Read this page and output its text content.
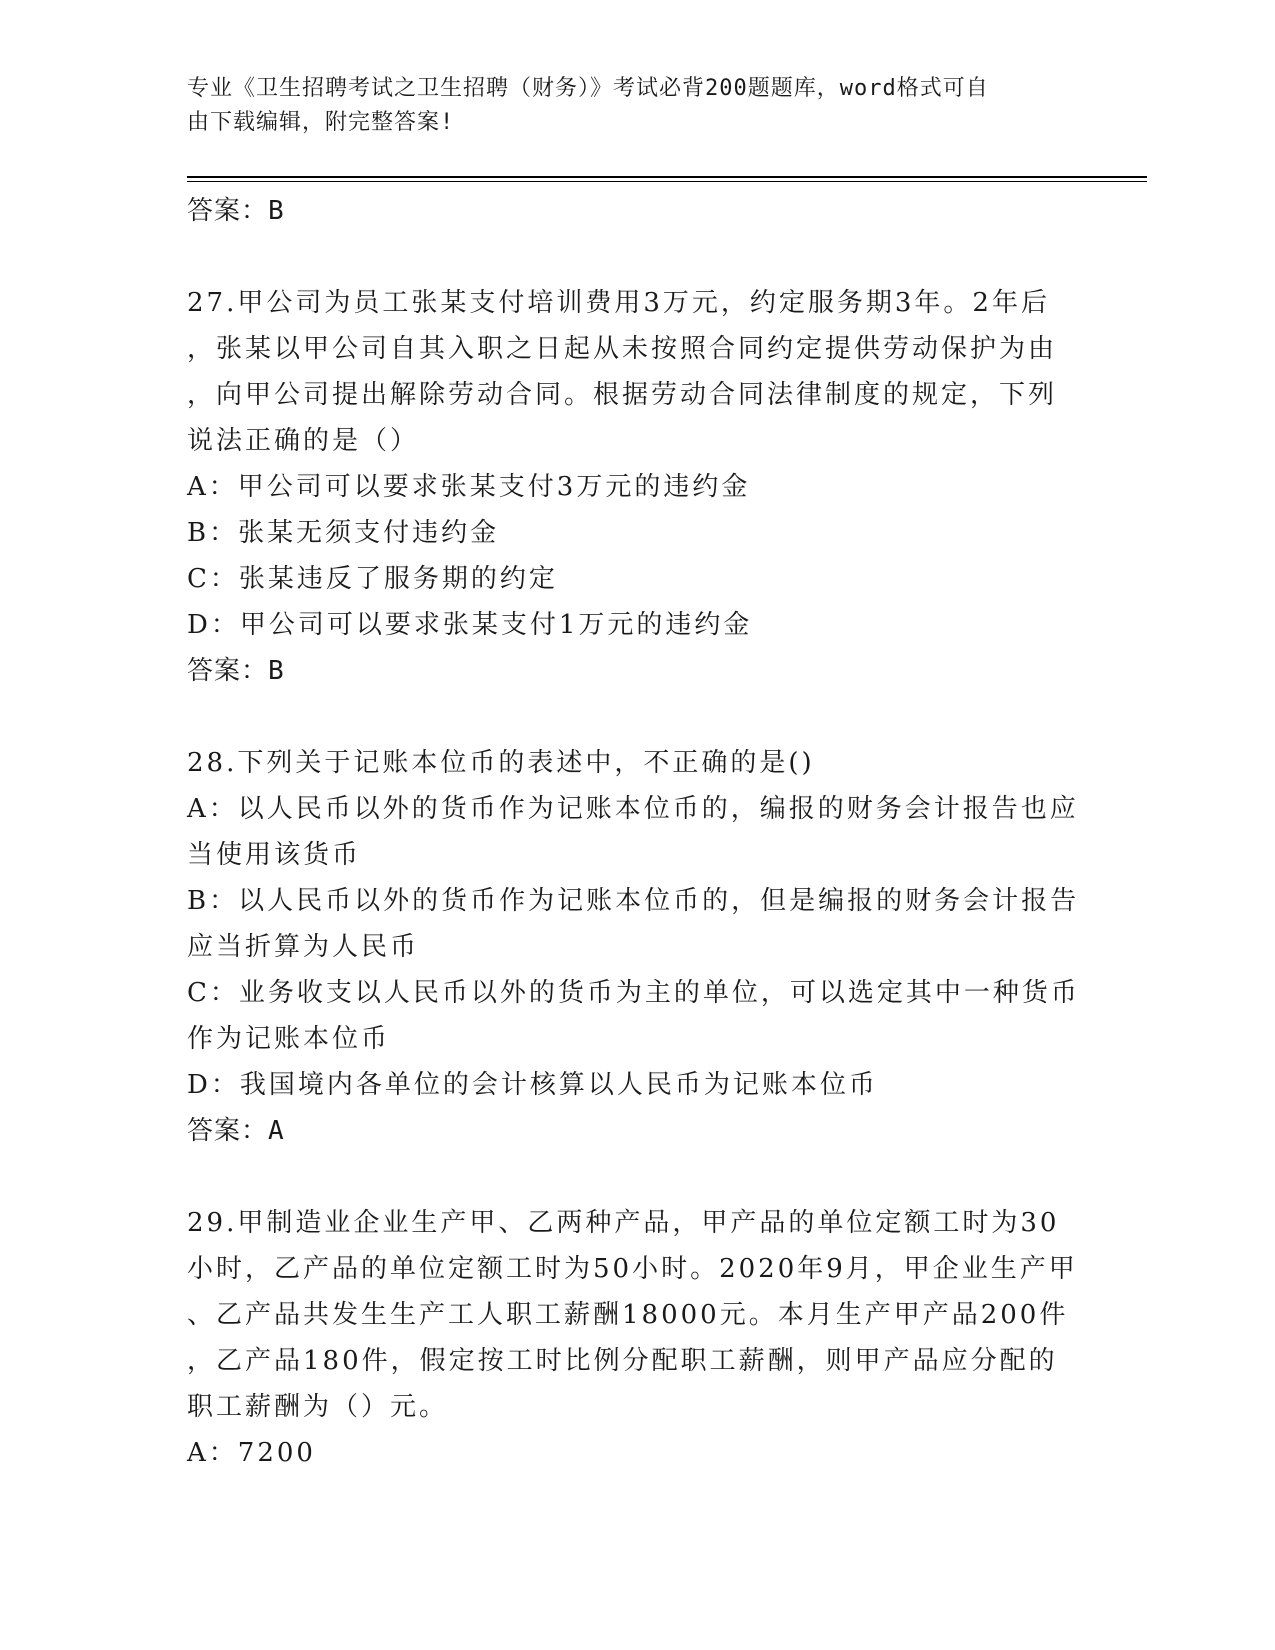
专业《卫生招聘考试之卫生招聘（财务）》考试必背200题题库，word格式可自
由下载编辑，附完整答案!
答案：B
27.甲公司为员工张某支付培训费用3万元，约定服务期3年。2年后
，张某以甲公司自其入职之日起从未按照合同约定提供劳动保护为由
，向甲公司提出解除劳动合同。根据劳动合同法律制度的规定，下列
说法正确的是（）
A：甲公司可以要求张某支付3万元的违约金
B：张某无须支付违约金
C：张某违反了服务期的约定
D：甲公司可以要求张某支付1万元的违约金
答案：B
28.下列关于记账本位币的表述中，不正确的是()
A：以人民币以外的货币作为记账本位币的，编报的财务会计报告也应
当使用该货币
B：以人民币以外的货币作为记账本位币的，但是编报的财务会计报告
应当折算为人民币
C：业务收支以人民币以外的货币为主的单位，可以选定其中一种货币
作为记账本位币
D：我国境内各单位的会计核算以人民币为记账本位币
答案：A
29.甲制造业企业生产甲、乙两种产品，甲产品的单位定额工时为30
小时，乙产品的单位定额工时为50小时。2020年9月，甲企业生产甲
、乙产品共发生生产工人职工薪酬18000元。本月生产甲产品200件
，乙产品180件，假定按工时比例分配职工薪酬，则甲产品应分配的
职工薪酬为（）元。
A：7200
